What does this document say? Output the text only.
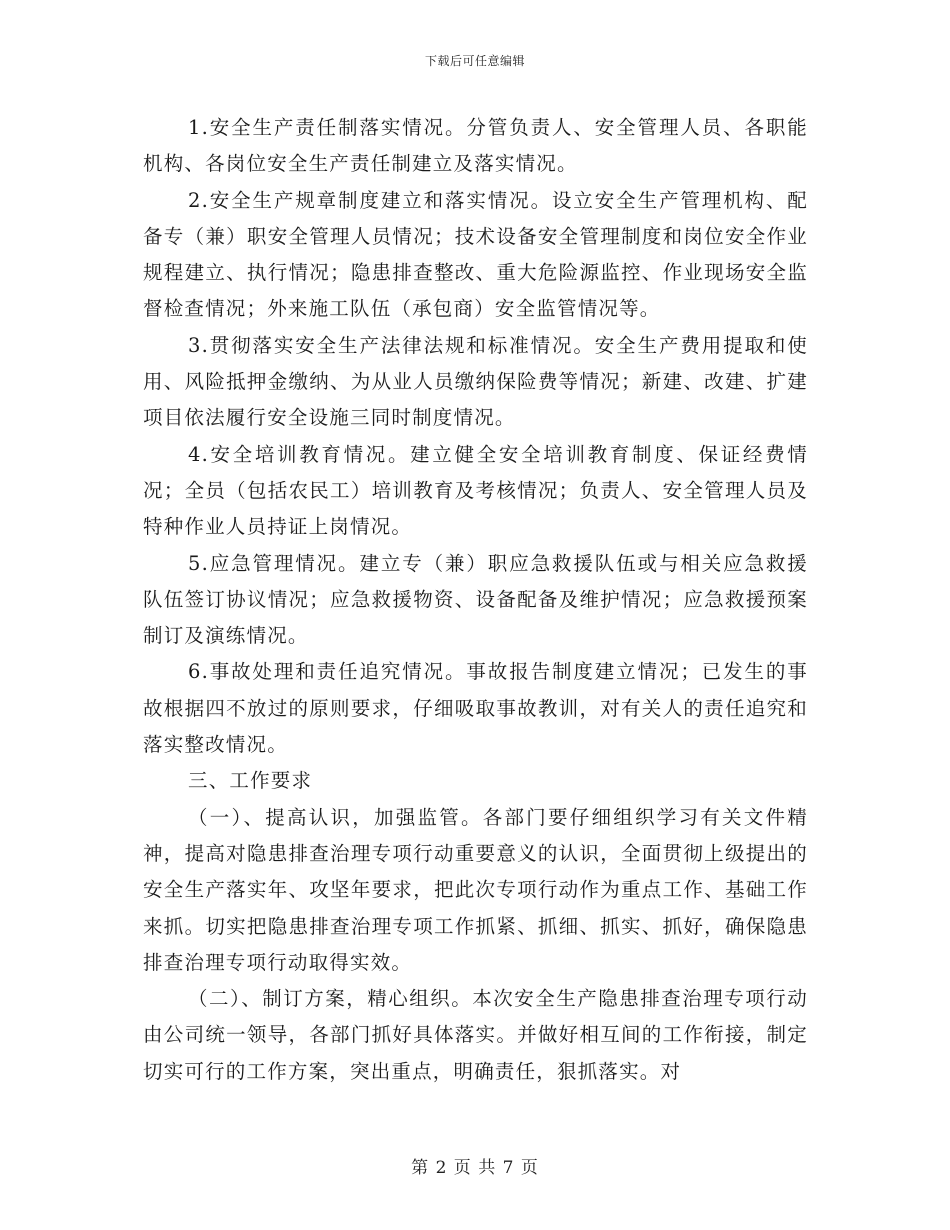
下载后可任意编辑

1.安全生产责任制落实情况。分管负责人、安全管理人员、各职能机构、各岗位安全生产责任制建立及落实情况。

2.安全生产规章制度建立和落实情况。设立安全生产管理机构、配备专（兼）职安全管理人员情况；技术设备安全管理制度和岗位安全作业规程建立、执行情况；隐患排查整改、重大危险源监控、作业现场安全监督检查情况；外来施工队伍（承包商）安全监管情况等。

3.贯彻落实安全生产法律法规和标准情况。安全生产费用提取和使用、风险抵押金缴纳、为从业人员缴纳保险费等情况；新建、改建、扩建项目依法履行安全设施三同时制度情况。

4.安全培训教育情况。建立健全安全培训教育制度、保证经费情况；全员（包括农民工）培训教育及考核情况；负责人、安全管理人员及特种作业人员持证上岗情况。

5.应急管理情况。建立专（兼）职应急救援队伍或与相关应急救援队伍签订协议情况；应急救援物资、设备配备及维护情况；应急救援预案制订及演练情况。

6.事故处理和责任追究情况。事故报告制度建立情况；已发生的事故根据四不放过的原则要求，仔细吸取事故教训，对有关人的责任追究和落实整改情况。

三、工作要求

（一）、提高认识，加强监管。各部门要仔细组织学习有关文件精神，提高对隐患排查治理专项行动重要意义的认识，全面贯彻上级提出的安全生产落实年、攻坚年要求，把此次专项行动作为重点工作、基础工作来抓。切实把隐患排查治理专项工作抓紧、抓细、抓实、抓好，确保隐患排查治理专项行动取得实效。

（二）、制订方案，精心组织。本次安全生产隐患排查治理专项行动由公司统一领导，各部门抓好具体落实。并做好相互间的工作衔接，制定切实可行的工作方案，突出重点，明确责任，狠抓落实。对

第 2 页 共 7 页
